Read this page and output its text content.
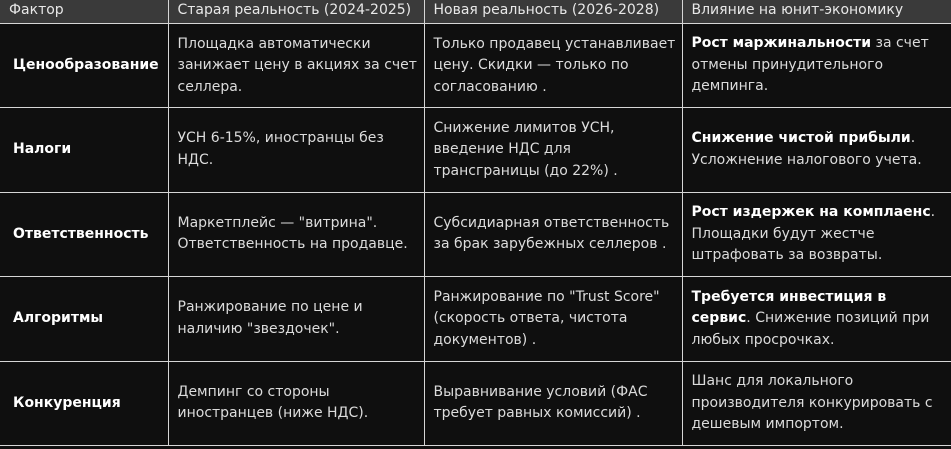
Фактор	Старая реальность (2024-2025)	Новая реальность (2026-2028)	Влияние на юнит-экономику
Ценообразование	Площадка автоматически занижает цену в акциях за счет селлера.	Только продавец устанавливает цену. Скидки — только по согласованию .	Рост маржинальности за счет отмены принудительного демпинга.
Налоги	УСН 6-15%, иностранцы без НДС.	Снижение лимитов УСН, введение НДС для трансграницы (до 22%) .	Снижение чистой прибыли. Усложнение налогового учета.
Ответственность	Маркетплейс — "витрина". Ответственность на продавце.	Субсидиарная ответственность за брак зарубежных селлеров .	Рост издержек на комплаенс. Площадки будут жестче штрафовать за возвраты.
Алгоритмы	Ранжирование по цене и наличию "звездочек".	Ранжирование по "Trust Score" (скорость ответа, чистота документов) .	Требуется инвестиция в сервис. Снижение позиций при любых просрочках.
Конкуренция	Демпинг со стороны иностранцев (ниже НДС).	Выравнивание условий (ФАС требует равных комиссий) .	Шанс для локального производителя конкурировать с дешевым импортом.
